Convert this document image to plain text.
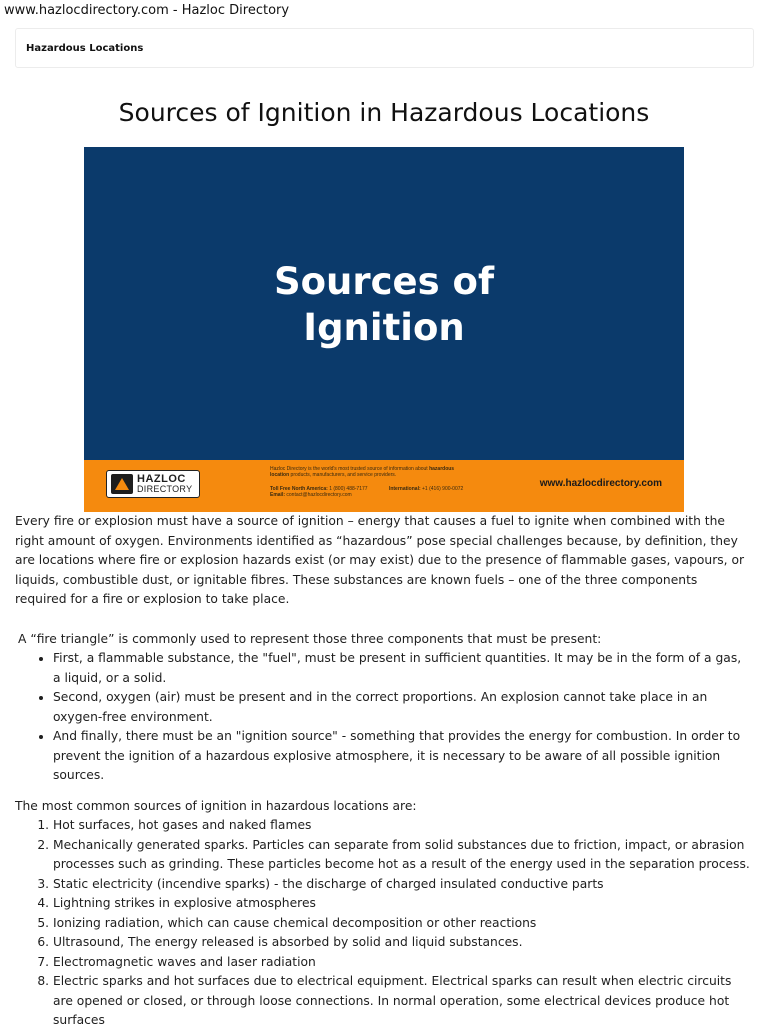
www.hazlocdirectory.com - Hazloc Directory
Hazardous Locations
Sources of Ignition in Hazardous Locations
Sources of
Ignition
HAZLOC
DIRECTORY
Hazloc Directory is the world's most trusted source of information about hazardous
location products, manufacturers, and service providers.
Toll Free North America: 1 (800) 488-7177	International: +1 (416) 900-0072
Email: contact@hazlocdirectory.com
www.hazlocdirectory.com

Every fire or explosion must have a source of ignition – energy that causes a fuel to ignite when combined with the right amount of oxygen. Environments identified as “hazardous” pose special challenges because, by definition, they are locations where fire or explosion hazards exist (or may exist) due to the presence of flammable gases, vapours, or liquids, combustible dust, or ignitable fibres. These substances are known fuels – one of the three components required for a fire or explosion to take place.

A “fire triangle” is commonly used to represent those three components that must be present:

• First, a flammable substance, the "fuel", must be present in sufficient quantities. It may be in the form of a gas, a liquid, or a solid.
• Second, oxygen (air) must be present and in the correct proportions. An explosion cannot take place in an oxygen-free environment.
• And finally, there must be an "ignition source" - something that provides the energy for combustion. In order to prevent the ignition of a hazardous explosive atmosphere, it is necessary to be aware of all possible ignition sources.

The most common sources of ignition in hazardous locations are:

1. Hot surfaces, hot gases and naked flames
2. Mechanically generated sparks. Particles can separate from solid substances due to friction, impact, or abrasion processes such as grinding. These particles become hot as a result of the energy used in the separation process.
3. Static electricity (incendive sparks) - the discharge of charged insulated conductive parts
4. Lightning strikes in explosive atmospheres
5. Ionizing radiation, which can cause chemical decomposition or other reactions
6. Ultrasound, The energy released is absorbed by solid and liquid substances.
7. Electromagnetic waves and laser radiation
8. Electric sparks and hot surfaces due to electrical equipment. Electrical sparks can result when electric circuits are opened or closed, or through loose connections. In normal operation, some electrical devices produce hot surfaces
